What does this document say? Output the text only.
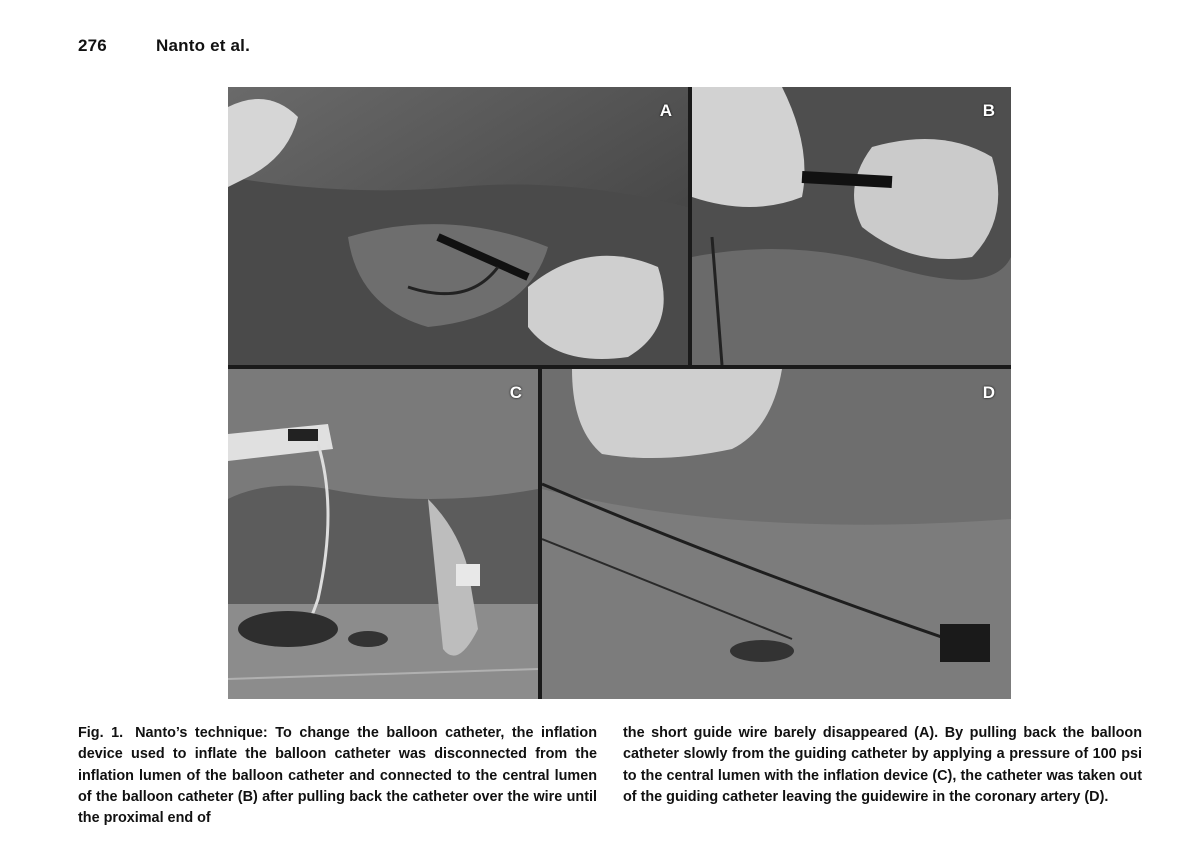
276	Nanto et al.
A	B
C	D
Fig. 1. Nanto’s technique: To change the balloon catheter, the inflation device used to inflate the balloon catheter was disconnected from the inflation lumen of the balloon catheter and connected to the central lumen of the balloon catheter (B) after pulling back the catheter over the wire until the proximal end of
the short guide wire barely disappeared (A). By pulling back the balloon catheter slowly from the guiding catheter by applying a pressure of 100 psi to the central lumen with the inflation device (C), the catheter was taken out of the guiding catheter leaving the guidewire in the coronary artery (D).
